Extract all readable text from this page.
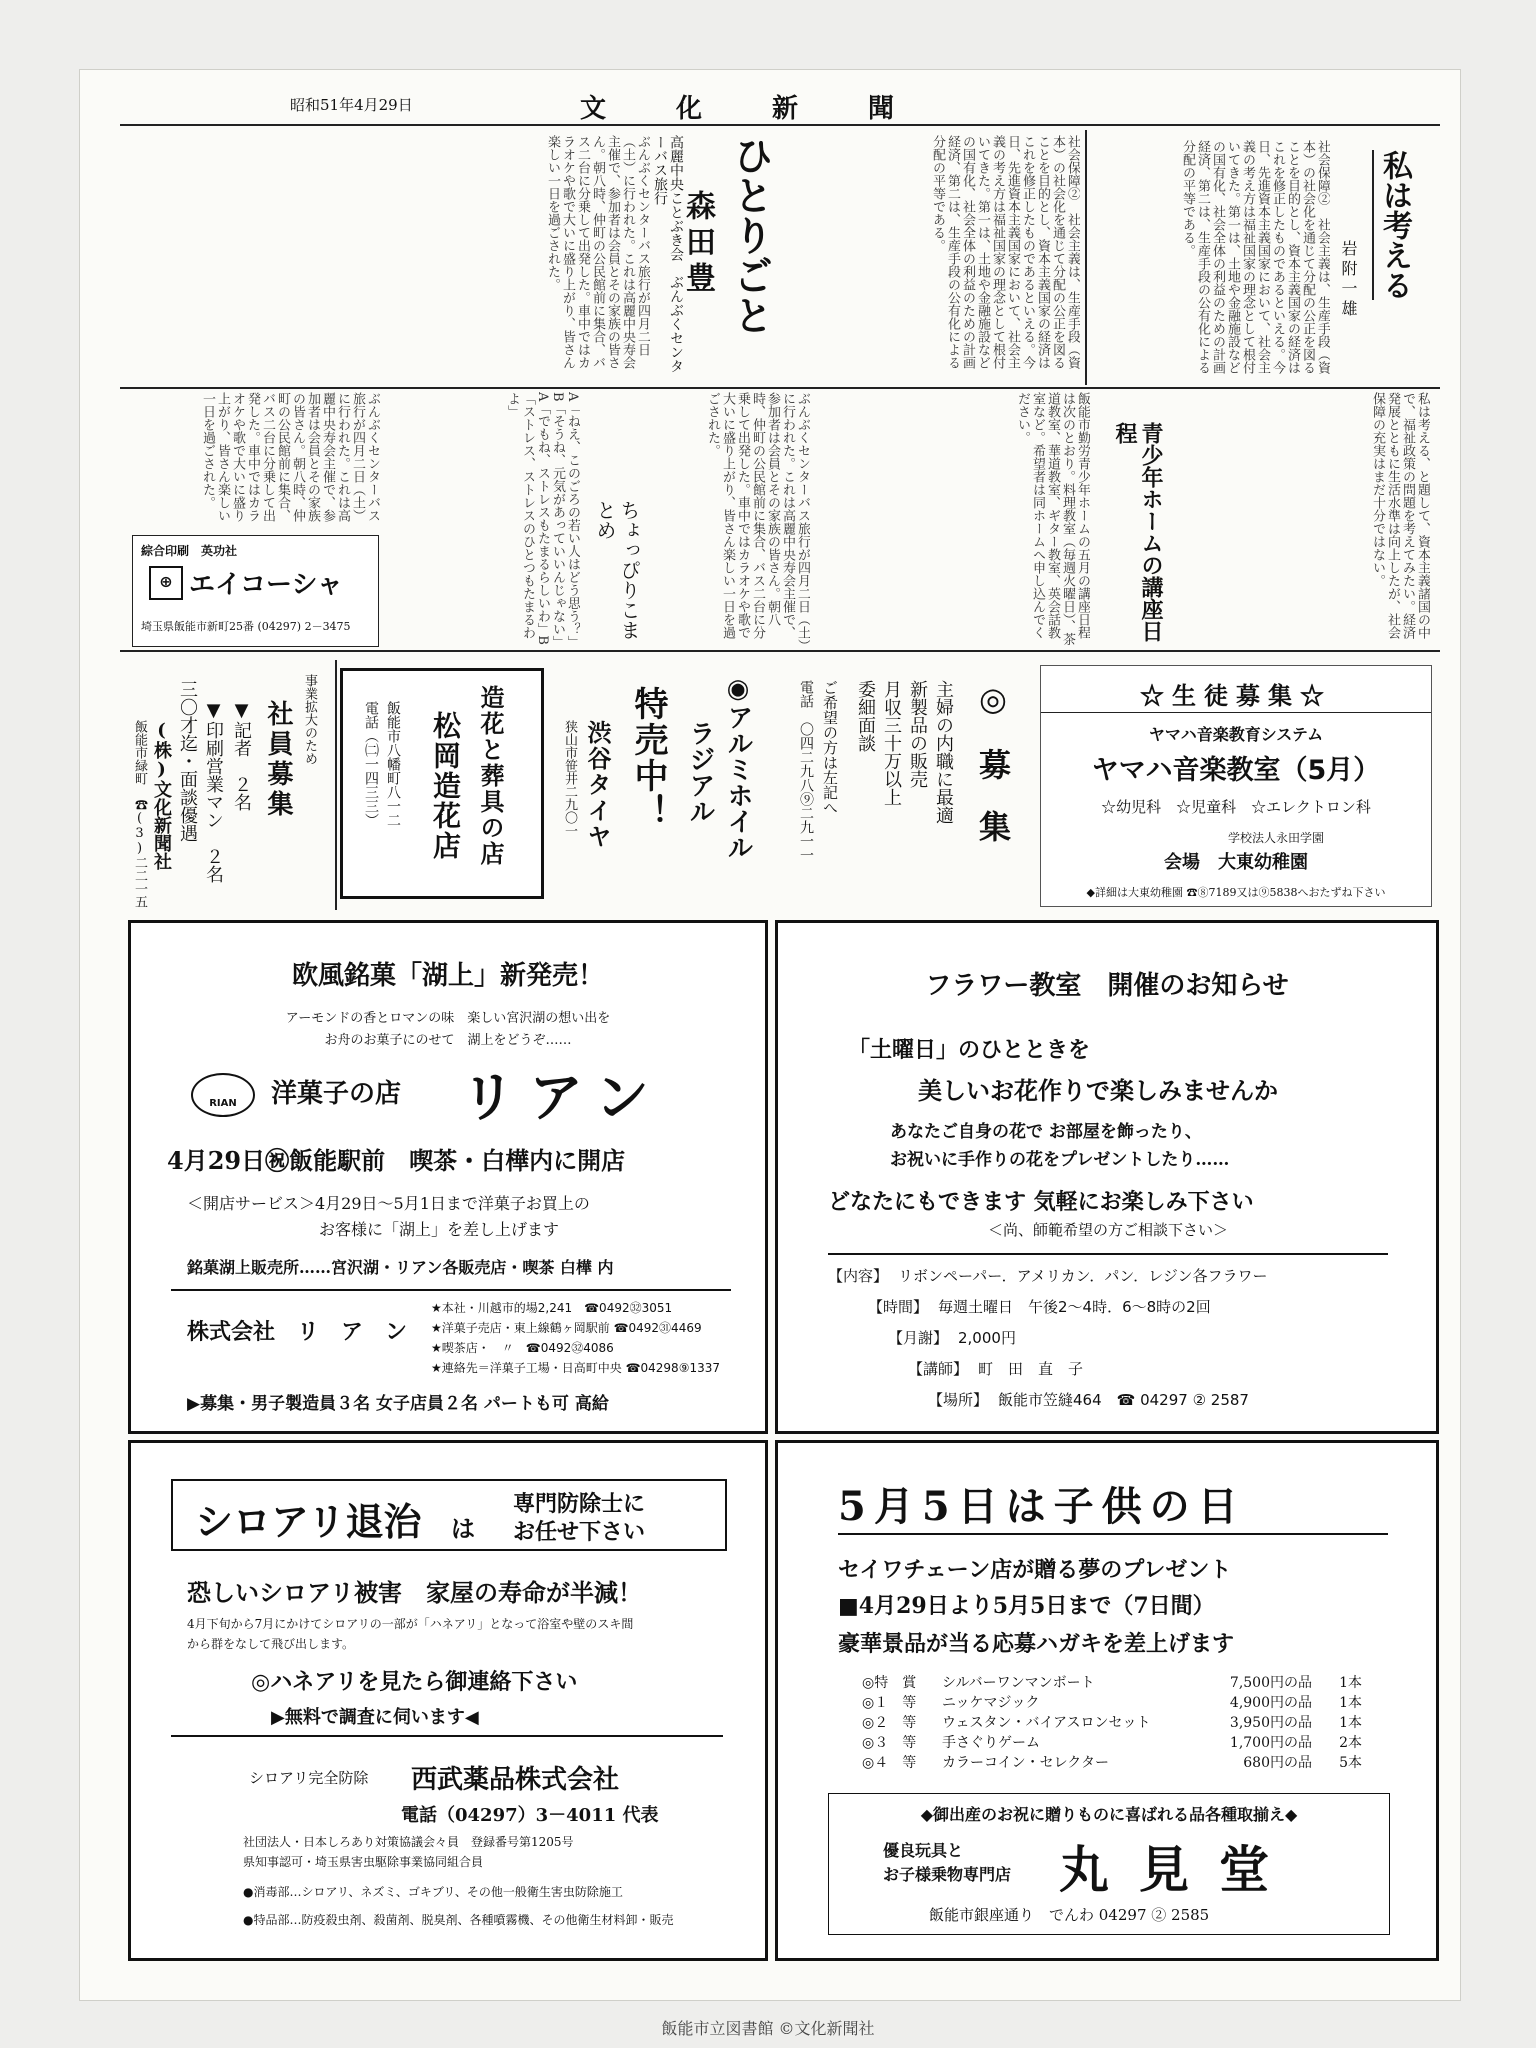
昭和51年4月29日	文化新聞
私は考える
岩附一雄
社会保障②　社会主義は、生産手段（資本）の社会化を通じて分配の公正を図ることを目的とし、資本主義国家の経済はこれを修正したものであるといえる。今日、先進資本主義国家において、社会主義の考え方は福祉国家の理念として根付いてきた。第一は、土地や金融施設などの国有化、社会全体の利益のための計画経済、第二は、生産手段の公有化による分配の平等である。
社会保障②　社会主義は、生産手段（資本）の社会化を通じて分配の公正を図ることを目的とし、資本主義国家の経済はこれを修正したものであるといえる。今日、先進資本主義国家において、社会主義の考え方は福祉国家の理念として根付いてきた。第一は、土地や金融施設などの国有化、社会全体の利益のための計画経済、第二は、生産手段の公有化による分配の平等である。
ぶんぶくセンターバス旅行が四月二日（土）に行われた。これは高麗中央寿会主催で、参加者は会員とその家族の皆さん。朝八時、仲町の公民館前に集合、バス二台に分乗して出発した。車中ではカラオケや歌で大いに盛り上がり、皆さん楽しい一日を過ごされた。	ひとりごと
森田豊
高麗中央ことぶき会　ぶんぶくセンターバス旅行
私は考える、と題して、資本主義諸国の中で、福祉政策の問題を考えてみたい。経済発展とともに生活水準は向上したが、社会保障の充実はまだ十分ではない。
青少年ホームの講座日程
飯能市勤労青少年ホームの五月の講座日程は次のとおり。料理教室（毎週火曜日）、茶道教室、華道教室、ギター教室、英会話教室など。希望者は同ホームへ申し込んでください。
ぶんぶくセンターバス旅行が四月二日（土）に行われた。これは高麗中央寿会主催で、参加者は会員とその家族の皆さん。朝八時、仲町の公民館前に集合、バス二台に分乗して出発した。車中ではカラオケや歌で大いに盛り上がり、皆さん楽しい一日を過ごされた。
ちょっぴりこまとめ
A「ねえ、このごろの若い人はどう思う？」B「そうね、元気があっていいんじゃない」A「でもね、ストレスもたまるらしいわ」B「ストレス、ストレスのひとつもたまるわよ」
ぶんぶくセンターバス旅行が四月二日（土）に行われた。これは高麗中央寿会主催で、参加者は会員とその家族の皆さん。朝八時、仲町の公民館前に集合、バス二台に分乗して出発した。車中ではカラオケや歌で大いに盛り上がり、皆さん楽しい一日を過ごされた。
綜合印刷　英功社
⊕ エイコーシャ
埼玉県飯能市新町25番 (04297) 2－3475
事業拡大のため
社員募集
▼記者　２名
▼印刷営業マン　２名
三〇才迄・面談優遇
(株)文化新聞社
飯能市緑町　☎(3)二二一五	造花と葬具の店
松岡造花店
飯能市八幡町八一二
電話（㈡一四三三）	◉アルミホイル
ラジアル
特売中！
渋谷タイヤ
狭山市笹井二九〇一	◎募集
主婦の内職に最適
新製品の販売
月収三十万以上
委細面談
ご希望の方は左記へ
電話　〇四二九八⑨二九一一	☆生徒募集☆
ヤマハ音楽教育システム
ヤマハ音楽教室（5月）
☆幼児科　☆児童科　☆エレクトロン科
学校法人永田学園
会場　大東幼稚園
◆詳細は大東幼稚園 ☎⑧7189又は⑨5838へおたずね下さい
欧風銘菓「湖上」新発売！
アーモンドの香とロマンの味　楽しい宮沢湖の想い出を
お舟のお菓子にのせて　湖上をどうぞ……
RIAN	洋菓子の店 リアン
4月29日㊗飯能駅前　喫茶・白樺内に開店
＜開店サービス＞4月29日～5月1日まで洋菓子お買上の
お客様に「湖上」を差し上げます
銘菓湖上販売所……宮沢湖・リアン各販売店・喫茶 白樺 内
株式会社　リ　ア　ン
★本社・川越市的場2,241　☎0492㉜3051
★洋菓子売店・東上線鶴ヶ岡駅前 ☎0492㉛4469
★喫茶店・　〃　☎0492㉜4086
★連絡先＝洋菓子工場・日高町中央 ☎04298⑨1337
▶募集・男子製造員３名 女子店員２名 パートも可 高給
フラワー教室　開催のお知らせ
「土曜日」のひとときを
美しいお花作りで楽しみませんか
あなたご自身の花で お部屋を飾ったり、
お祝いに手作りの花をプレゼントしたり……
どなたにもできます 気軽にお楽しみ下さい
＜尚、師範希望の方ご相談下さい＞
【内容】 リボンペーパー．アメリカン．パン．レジン各フラワー
【時間】 毎週土曜日　午後2～4時．6～8時の2回
【月謝】 2,000円
【講師】 町　田　直　子
【場所】 飯能市笠縫464　☎ 04297 ② 2587
シロアリ退治 は
専門防除士に
お任せ下さい
恐しいシロアリ被害　家屋の寿命が半減！
4月下旬から7月にかけてシロアリの一部が「ハネアリ」となって浴室や壁のスキ間
から群をなして飛び出します。
◎ハネアリを見たら御連絡下さい
▶無料で調査に伺います◀
シロアリ完全防除 西武薬品株式会社
電話（04297）3－4011 代表
社団法人・日本しろあり対策協議会々員　登録番号第1205号
県知事認可・埼玉県害虫駆除事業協同組合員
●消毒部…シロアリ、ネズミ、ゴキブリ、その他一般衛生害虫防除施工
●特品部…防疫殺虫剤、殺菌剤、脱臭剤、各種噴霧機、その他衛生材料卸・販売
5月5日は子供の日
セイワチェーン店が贈る夢のプレゼント
■4月29日より5月5日まで（7日間）
豪華景品が当る応募ハガキを差上げます
◎特　賞	シルバーワンマンボート	7,500円の品	1本
◎１　等	ニッケマジック	4,900円の品	1本
◎２　等	ウェスタン・バイアスロンセット	3,950円の品	1本
◎３　等	手さぐりゲーム	1,700円の品	2本
◎４　等	カラーコイン・セレクター	680円の品	5本
◆御出産のお祝に贈りものに喜ばれる品各種取揃え◆
優良玩具と
お子様乗物専門店 丸見堂
飯能市銀座通り　でんわ 04297 ② 2585
飯能市立図書館 ©文化新聞社
